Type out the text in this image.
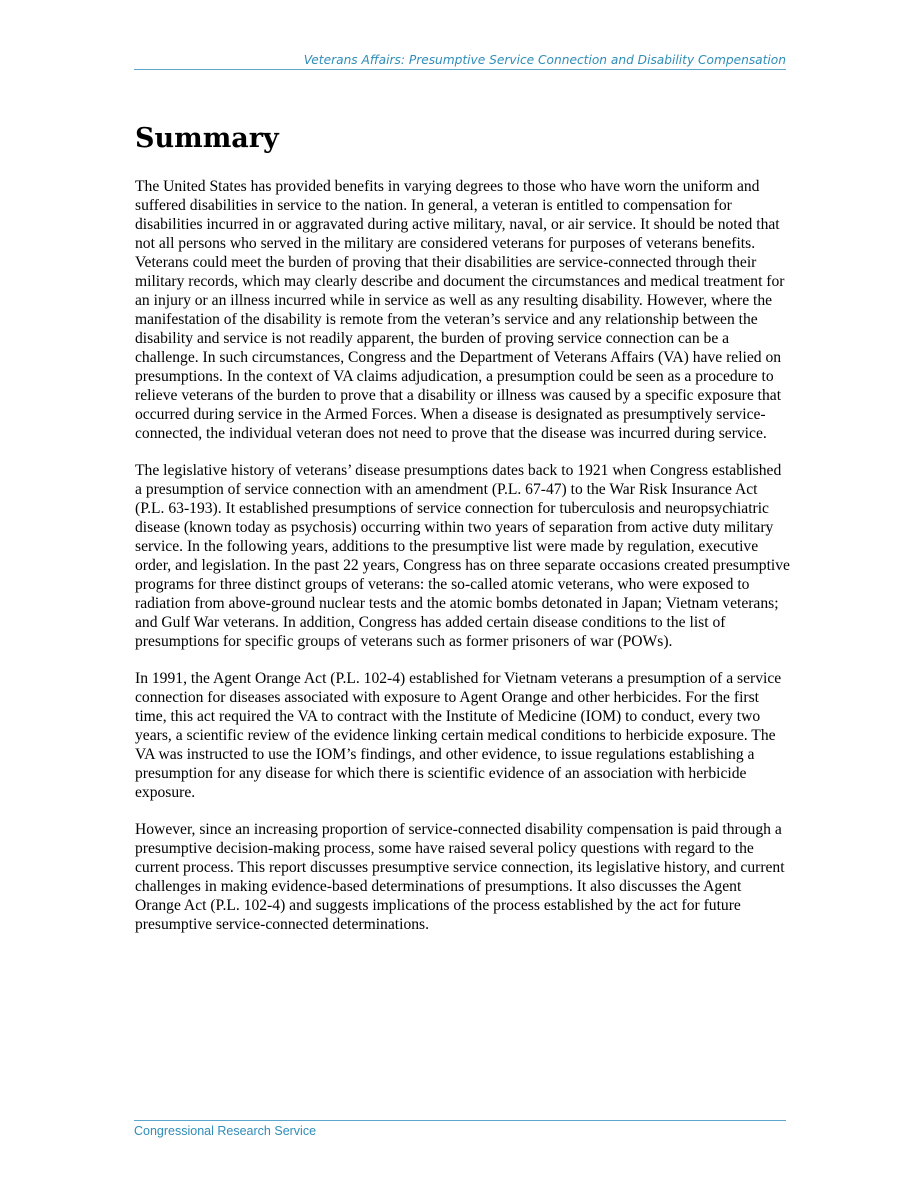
Veterans Affairs: Presumptive Service Connection and Disability Compensation
Summary

The United States has provided benefits in varying degrees to those who have worn the uniform and suffered disabilities in service to the nation. In general, a veteran is entitled to compensation for disabilities incurred in or aggravated during active military, naval, or air service. It should be noted that not all persons who served in the military are considered veterans for purposes of veterans benefits. Veterans could meet the burden of proving that their disabilities are service-connected through their military records, which may clearly describe and document the circumstances and medical treatment for an injury or an illness incurred while in service as well as any resulting disability. However, where the manifestation of the disability is remote from the veteran’s service and any relationship between the disability and service is not readily apparent, the burden of proving service connection can be a challenge. In such circumstances, Congress and the Department of Veterans Affairs (VA) have relied on presumptions. In the context of VA claims adjudication, a presumption could be seen as a procedure to relieve veterans of the burden to prove that a disability or illness was caused by a specific exposure that occurred during service in the Armed Forces. When a disease is designated as presumptively service-connected, the individual veteran does not need to prove that the disease was incurred during service.

The legislative history of veterans’ disease presumptions dates back to 1921 when Congress established a presumption of service connection with an amendment (P.L. 67-47) to the War Risk Insurance Act (P.L. 63-193). It established presumptions of service connection for tuberculosis and neuropsychiatric disease (known today as psychosis) occurring within two years of separation from active duty military service. In the following years, additions to the presumptive list were made by regulation, executive order, and legislation. In the past 22 years, Congress has on three separate occasions created presumptive programs for three distinct groups of veterans: the so-called atomic veterans, who were exposed to radiation from above-ground nuclear tests and the atomic bombs detonated in Japan; Vietnam veterans; and Gulf War veterans. In addition, Congress has added certain disease conditions to the list of presumptions for specific groups of veterans such as former prisoners of war (POWs).

In 1991, the Agent Orange Act (P.L. 102-4) established for Vietnam veterans a presumption of a service connection for diseases associated with exposure to Agent Orange and other herbicides. For the first time, this act required the VA to contract with the Institute of Medicine (IOM) to conduct, every two years, a scientific review of the evidence linking certain medical conditions to herbicide exposure. The VA was instructed to use the IOM’s findings, and other evidence, to issue regulations establishing a presumption for any disease for which there is scientific evidence of an association with herbicide exposure.

However, since an increasing proportion of service-connected disability compensation is paid through a presumptive decision-making process, some have raised several policy questions with regard to the current process. This report discusses presumptive service connection, its legislative history, and current challenges in making evidence-based determinations of presumptions. It also discusses the Agent Orange Act (P.L. 102-4) and suggests implications of the process established by the act for future presumptive service-connected determinations.

Congressional Research Service
